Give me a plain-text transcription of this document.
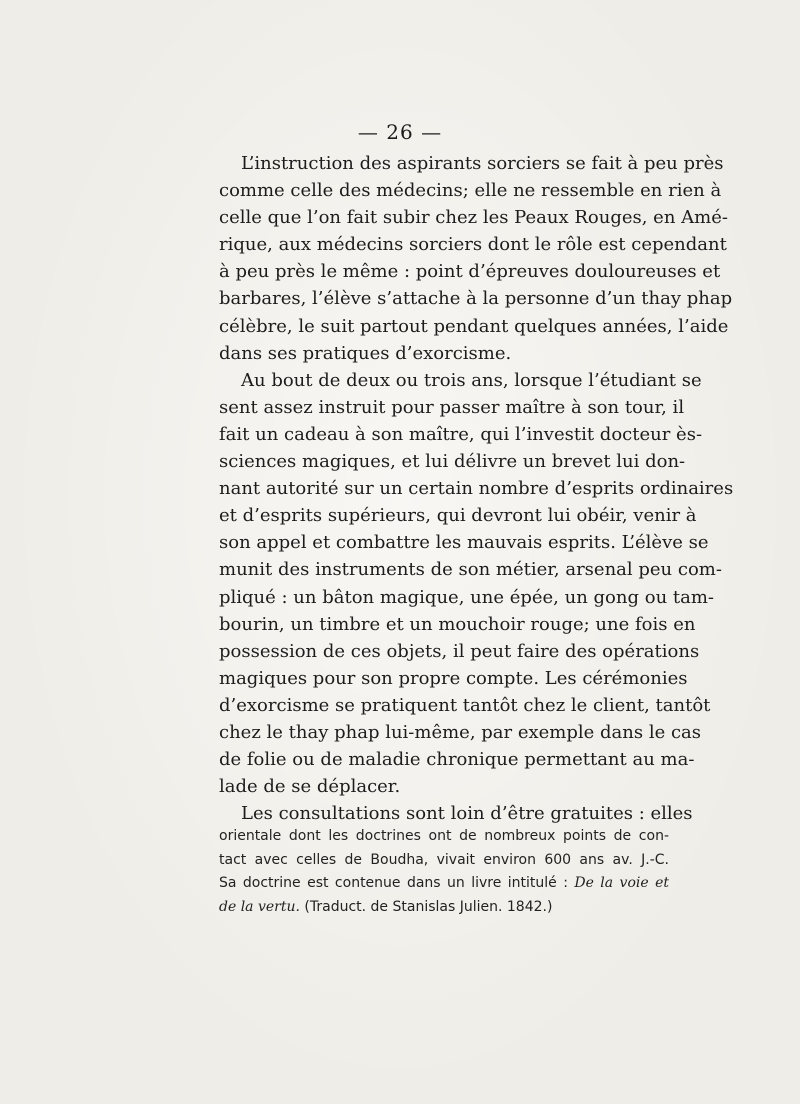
— 26 —

L’instruction des aspirants sorciers se fait à peu près
comme celle des médecins; elle ne ressemble en rien à
celle que l’on fait subir chez les Peaux Rouges, en Amé-
rique, aux médecins sorciers dont le rôle est cependant
à peu près le même : point d’épreuves douloureuses et
barbares, l’élève s’attache à la personne d’un thay phap
célèbre, le suit partout pendant quelques années, l’aide
dans ses pratiques d’exorcisme.

Au bout de deux ou trois ans, lorsque l’étudiant se
sent assez instruit pour passer maître à son tour, il
fait un cadeau à son maître, qui l’investit docteur ès-
sciences magiques, et lui délivre un brevet lui don-
nant autorité sur un certain nombre d’esprits ordinaires
et d’esprits supérieurs, qui devront lui obéir, venir à
son appel et combattre les mauvais esprits. L’élève se
munit des instruments de son métier, arsenal peu com-
pliqué : un bâton magique, une épée, un gong ou tam-
bourin, un timbre et un mouchoir rouge; une fois en
possession de ces objets, il peut faire des opérations
magiques pour son propre compte. Les cérémonies
d’exorcisme se pratiquent tantôt chez le client, tantôt
chez le thay phap lui-même, par exemple dans le cas
de folie ou de maladie chronique permettant au ma-
lade de se déplacer.

Les consultations sont loin d’être gratuites : elles

orientale dont les doctrines ont de nombreux points de con-
tact avec celles de Boudha, vivait environ 600 ans av. J.-C.
Sa doctrine est contenue dans un livre intitulé : De la voie et
de la vertu. (Traduct. de Stanislas Julien. 1842.)
